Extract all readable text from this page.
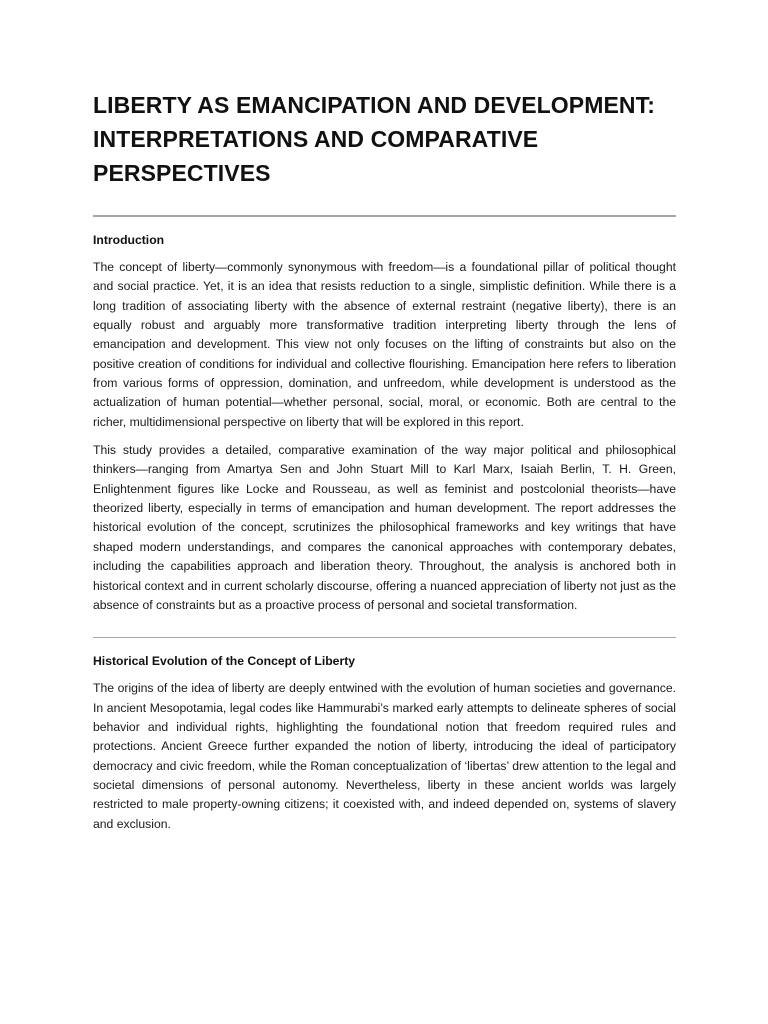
LIBERTY AS EMANCIPATION AND DEVELOPMENT:
INTERPRETATIONS AND COMPARATIVE
PERSPECTIVES
Introduction

The concept of liberty—commonly synonymous with freedom—is a foundational pillar of political thought and social practice. Yet, it is an idea that resists reduction to a single, simplistic definition. While there is a long tradition of associating liberty with the absence of external restraint (negative liberty), there is an equally robust and arguably more transformative tradition interpreting liberty through the lens of emancipation and development. This view not only focuses on the lifting of constraints but also on the positive creation of conditions for individual and collective flourishing. Emancipation here refers to liberation from various forms of oppression, domination, and unfreedom, while development is understood as the actualization of human potential—whether personal, social, moral, or economic. Both are central to the richer, multidimensional perspective on liberty that will be explored in this report.

This study provides a detailed, comparative examination of the way major political and philosophical thinkers—ranging from Amartya Sen and John Stuart Mill to Karl Marx, Isaiah Berlin, T. H. Green, Enlightenment figures like Locke and Rousseau, as well as feminist and postcolonial theorists—have theorized liberty, especially in terms of emancipation and human development. The report addresses the historical evolution of the concept, scrutinizes the philosophical frameworks and key writings that have shaped modern understandings, and compares the canonical approaches with contemporary debates, including the capabilities approach and liberation theory. Throughout, the analysis is anchored both in historical context and in current scholarly discourse, offering a nuanced appreciation of liberty not just as the absence of constraints but as a proactive process of personal and societal transformation.

Historical Evolution of the Concept of Liberty

The origins of the idea of liberty are deeply entwined with the evolution of human societies and governance. In ancient Mesopotamia, legal codes like Hammurabi’s marked early attempts to delineate spheres of social behavior and individual rights, highlighting the foundational notion that freedom required rules and protections. Ancient Greece further expanded the notion of liberty, introducing the ideal of participatory democracy and civic freedom, while the Roman conceptualization of ‘libertas’ drew attention to the legal and societal dimensions of personal autonomy. Nevertheless, liberty in these ancient worlds was largely restricted to male property-owning citizens; it coexisted with, and indeed depended on, systems of slavery and exclusion.
